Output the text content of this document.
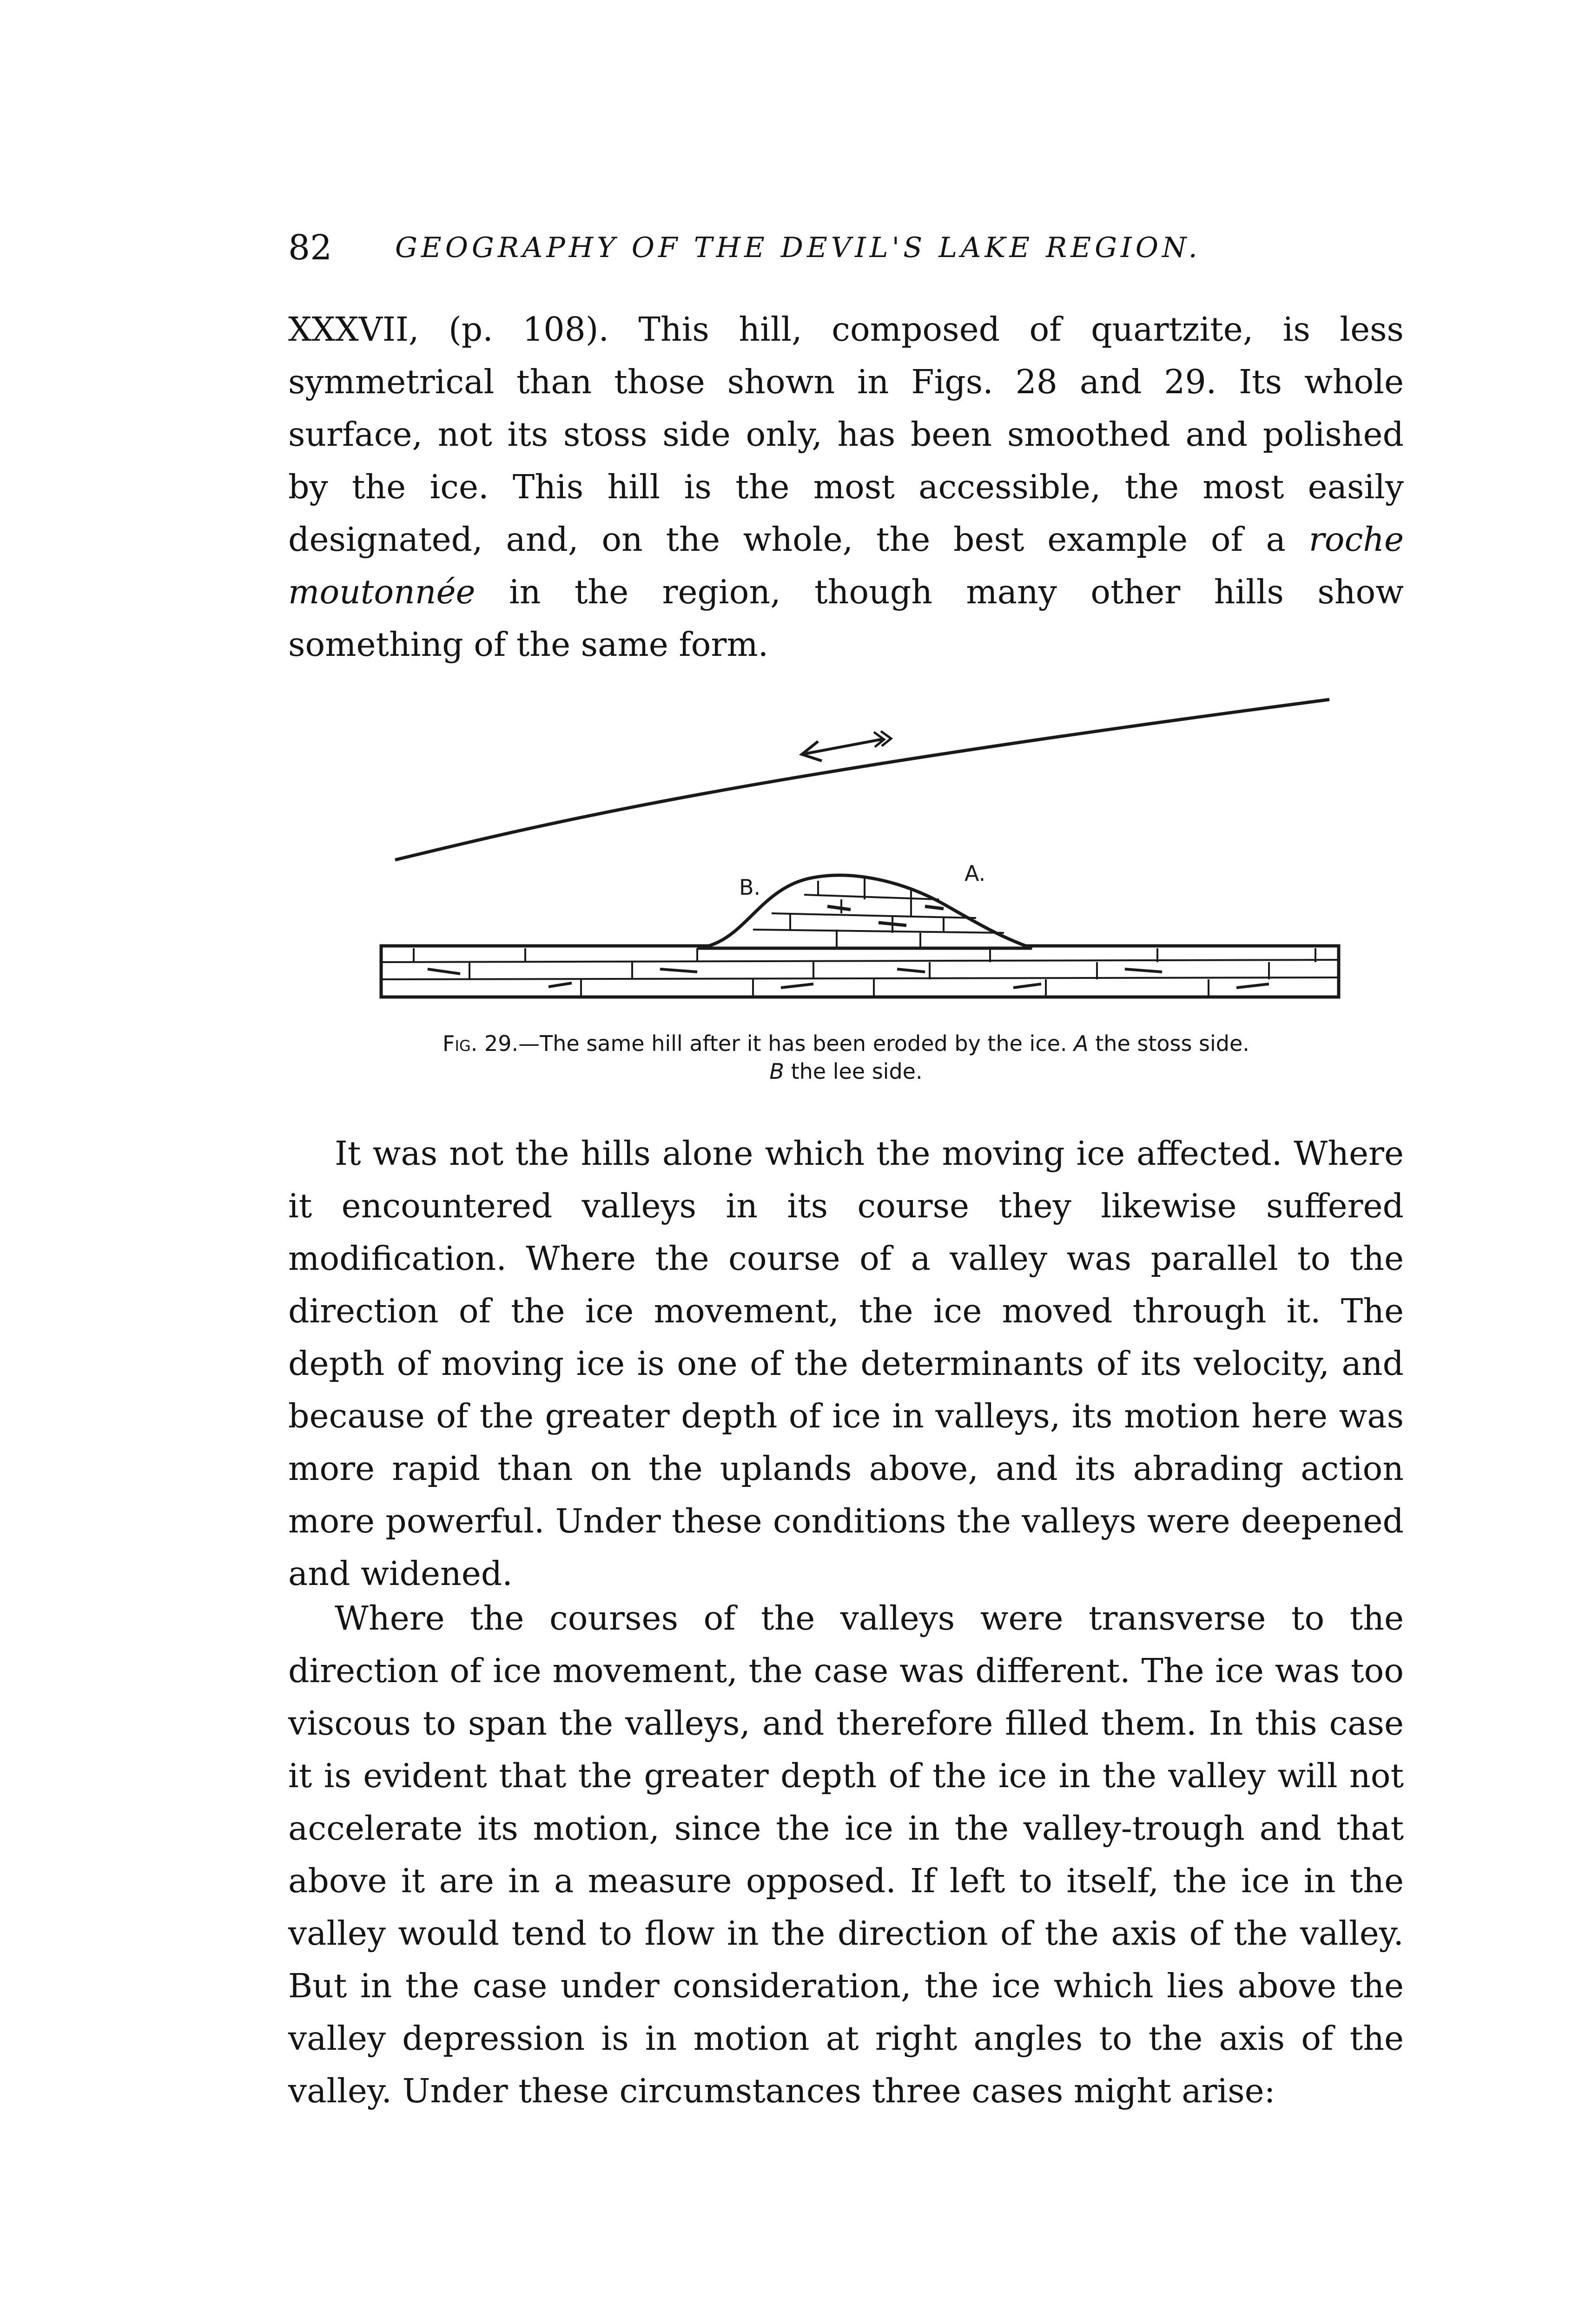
82 GEOGRAPHY OF THE DEVIL'S LAKE REGION.

XXXVII, (p. 108). This hill, composed of quartzite, is less symmetrical than those shown in Figs. 28 and 29. Its whole surface, not its stoss side only, has been smoothed and polished by the ice. This hill is the most accessible, the most easily designated, and, on the whole, the best example of a roche moutonnée in the region, though many other hills show something of the same form.

B.
A.
Fig. 29.—The same hill after it has been eroded by the ice. A the stoss side.
B the lee side.

It was not the hills alone which the moving ice affected. Where it encountered valleys in its course they likewise suffered modification. Where the course of a valley was parallel to the direction of the ice movement, the ice moved through it. The depth of moving ice is one of the determinants of its velocity, and because of the greater depth of ice in valleys, its motion here was more rapid than on the uplands above, and its abrading action more powerful. Under these conditions the valleys were deepened and widened.

Where the courses of the valleys were transverse to the direction of ice movement, the case was different. The ice was too viscous to span the valleys, and therefore filled them. In this case it is evident that the greater depth of the ice in the valley will not accelerate its motion, since the ice in the valley-trough and that above it are in a measure opposed. If left to itself, the ice in the valley would tend to flow in the direction of the axis of the valley. But in the case under consideration, the ice which lies above the valley depression is in motion at right angles to the axis of the valley. Under these circumstances three cases might arise:
